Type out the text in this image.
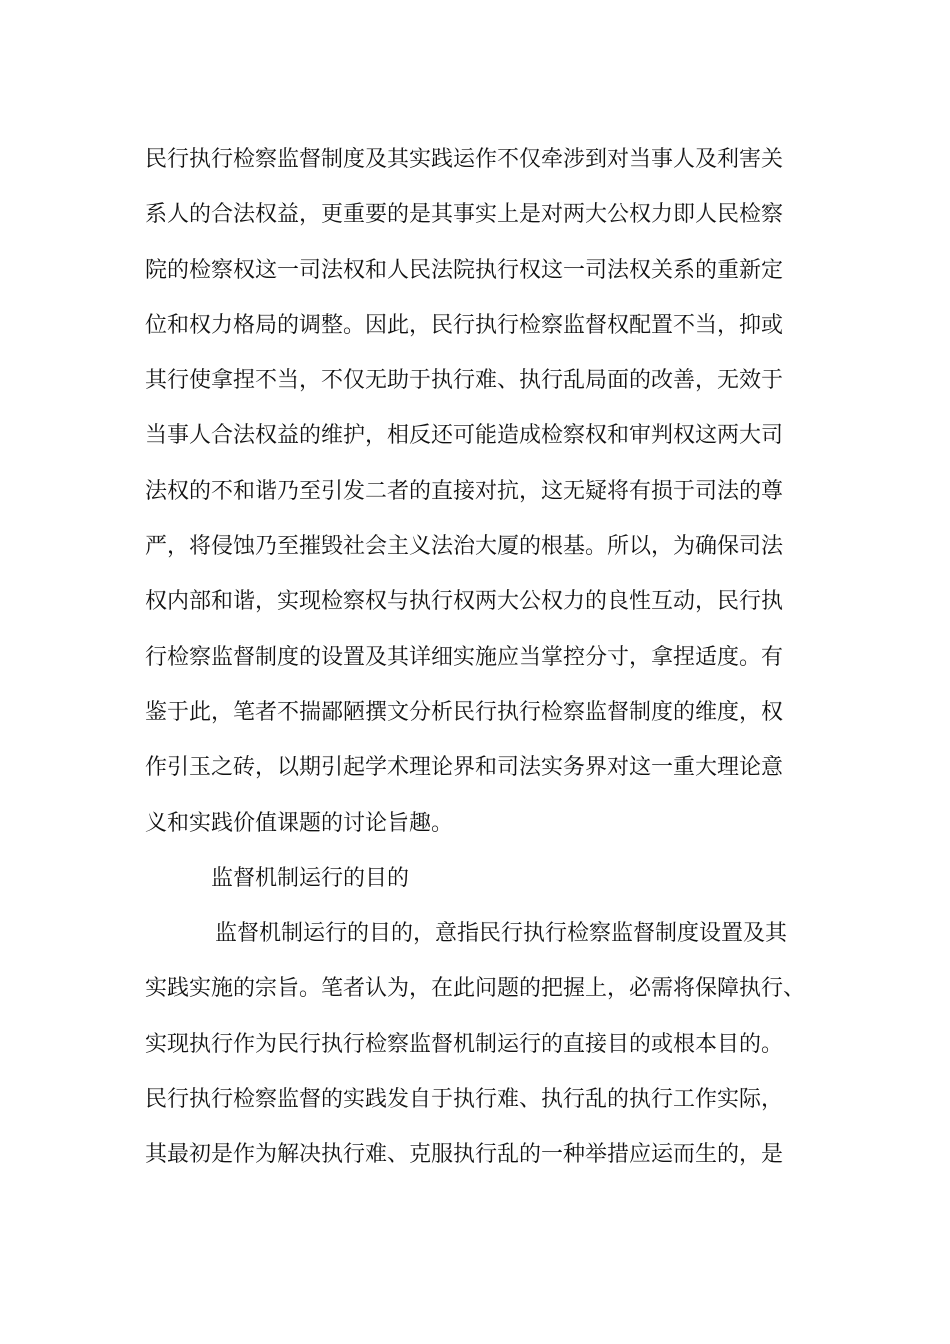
民行执行检察监督制度及其实践运作不仅牵涉到对当事人及利害关
系人的合法权益，更重要的是其事实上是对两大公权力即人民检察
院的检察权这一司法权和人民法院执行权这一司法权关系的重新定
位和权力格局的调整。因此，民行执行检察监督权配置不当，抑或
其行使拿捏不当，不仅无助于执行难、执行乱局面的改善，无效于
当事人合法权益的维护，相反还可能造成检察权和审判权这两大司
法权的不和谐乃至引发二者的直接对抗，这无疑将有损于司法的尊
严，将侵蚀乃至摧毁社会主义法治大厦的根基。所以，为确保司法
权内部和谐，实现检察权与执行权两大公权力的良性互动，民行执
行检察监督制度的设置及其详细实施应当掌控分寸，拿捏适度。有
鉴于此，笔者不揣鄙陋撰文分析民行执行检察监督制度的维度，权
作引玉之砖，以期引起学术理论界和司法实务界对这一重大理论意
义和实践价值课题的讨论旨趣。
监督机制运行的目的
监督机制运行的目的，意指民行执行检察监督制度设置及其
实践实施的宗旨。笔者认为，在此问题的把握上，必需将保障执行、
实现执行作为民行执行检察监督机制运行的直接目的或根本目的。
民行执行检察监督的实践发自于执行难、执行乱的执行工作实际，
其最初是作为解决执行难、克服执行乱的一种举措应运而生的，是
